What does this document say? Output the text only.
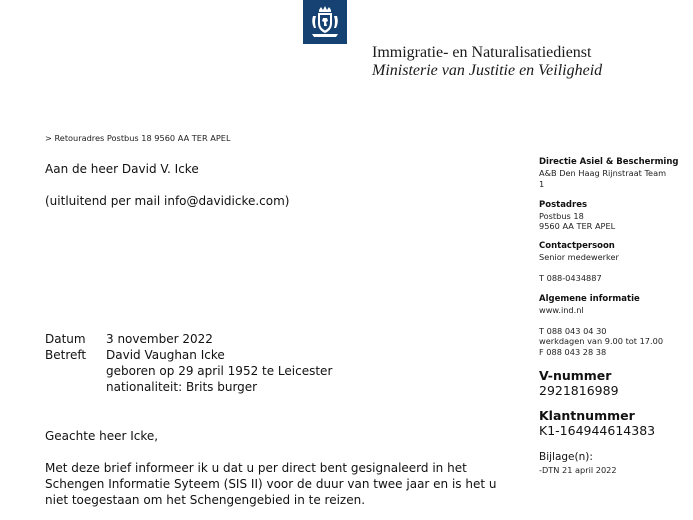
Immigratie- en Naturalisatiedienst
Ministerie van Justitie en Veiligheid
> Retouradres Postbus 18 9560 AA TER APEL
Aan de heer David V. Icke
(uitluitend per mail info@davidicke.com)
Datum 3 november 2022
Betreft David Vaughan Icke
geboren op 29 april 1952 te Leicester
nationaliteit: Brits burger
Geachte heer Icke,
Met deze brief informeer ik u dat u per direct bent gesignaleerd in het
Schengen Informatie Syteem (SIS II) voor de duur van twee jaar en is het u
niet toegestaan om het Schengengebied in te reizen.
Directie Asiel & Bescherming
A&B Den Haag Rijnstraat Team
1
Postadres
Postbus 18
9560 AA TER APEL
Contactpersoon
Senior medewerker
T 088-0434887
Algemene informatie
www.ind.nl
T 088 043 04 30
werkdagen van 9.00 tot 17.00
F 088 043 28 38
V-nummer
2921816989
Klantnummer
K1-164944614383
Bijlage(n):
-DTN 21 april 2022
